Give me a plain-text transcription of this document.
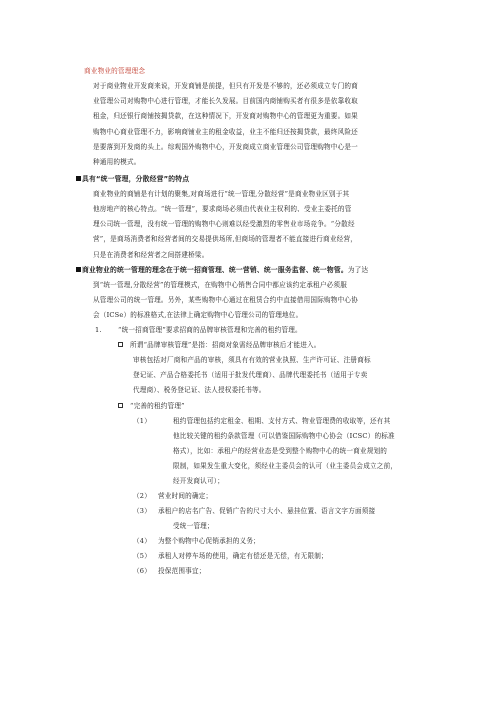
商业物业的管理理念
对于商业物业开发商来说，开发商铺是前提，但只有开发是不够的，还必须成立专门的商
业管理公司对购物中心进行管理，才能长久发展。目前国内商铺购买者有很多是依靠收取
租金，归还银行商铺按揭贷款，在这种情况下，开发商对购物中心的管理更为重要。如果
购物中心商业管理不力，影响商铺业主的租金收益，业主不能归还按揭贷款，最终风险还
是要落到开发商的头上。综观国外购物中心，开发商成立商业管理公司管理购物中心是一
种通用的模式。
具有“统一管理，分散经营”的特点
商业物业的商铺是有计划的聚集,对商场进行“统一管理,分散经营”是商业物业区别于其
他房地产的核心特点。“统一管理”，要求商场必须由代表业主权利的、受业主委托的管
理公司统一管理，没有统一管理的购物中心则难以经受激烈的零售业市场竞争。“分散经
营”，是商场消费者和经营者间的交易提供场所,但商场的管理者不能直接进行商业经营，
只是在消费者和经营者之间搭建桥梁。
商业物业的统一管理的理念在于统一招商管理、统一营销、统一服务监督、统一物管。为了达
到“统一管理,分散经营”的管理模式，在购物中心销售合同中都应该约定承租户必须服
从管理公司的统一管理。另外，某些购物中心通过在租赁合约中直接借用国际购物中心协
会（ICSe）的标准格式,在法律上确定购物中心管理公司的管理地位。
1. “统一招商管理”要求招商的品牌审核管理和完善的租约管理。
所谓“品牌审核管理”是指：招商对象需经品牌审核后才能进入。
审核包括对厂商和产品的审核，须具有有效的营业执照、生产许可证、注册商标
登记证、产品合格委托书（适用于批发代理商）、品牌代理委托书（适用于专卖
代理商）、税务登记证、法人授权委托书等。
“完善的租约管理”
（1）	租约管理包括约定租金、租期、支付方式、物业管理费的收取等，还有其
他比较关键的租约条款管理（可以借鉴国际购物中心协会（ICSC）的标准
格式），比如：承租户的经营业态是受到整个购物中心的统一商业规划的
限制，如果发生重大变化，须经业主委员会的认可（业主委员会成立之前，
经开发商认可）；
（2） 营业时间的确定；
（3） 承租户的店名广告、促销广告的尺寸大小、悬挂位置、语言文字方面须接
受统一管理；
（4） 为整个购物中心促销承担的义务；
（5） 承租人对停车场的使用，确定有偿还是无偿，有无限制；
（6） 投保范围事宜；
